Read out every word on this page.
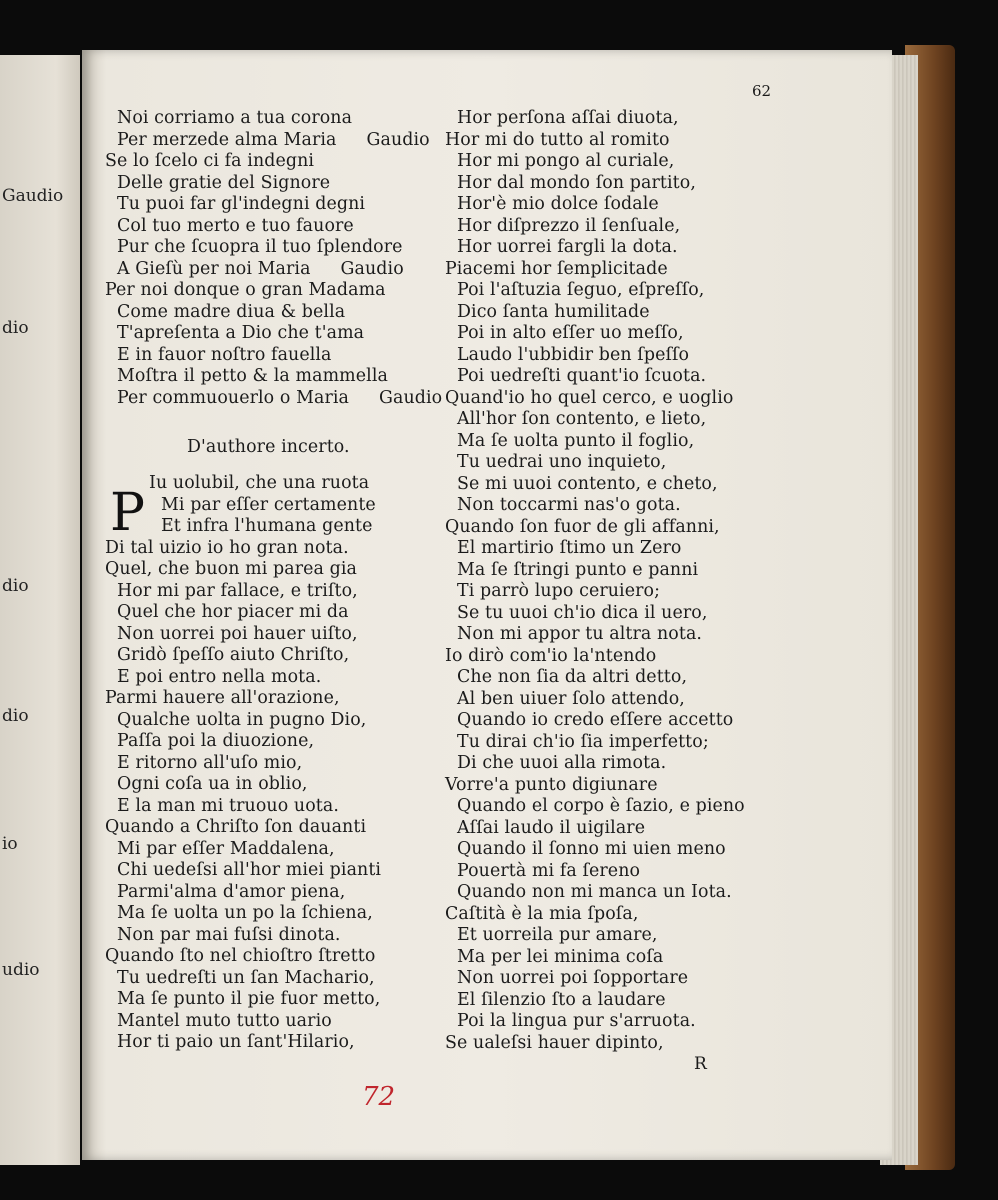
Gaudio
dio
dio
dio
io
udio
62
Noi corriamo a tua corona
Per merzede alma Maria Gaudio
Se lo ſcelo ci fa indegni
Delle gratie del Signore
Tu puoi far gl'indegni degni
Col tuo merto e tuo fauore
Pur che ſcuopra il tuo ſplendore
A Gieſù per noi Maria Gaudio
Per noi donque o gran Madama
Come madre diua & bella
T'apreſenta a Dio che t'ama
E in fauor noſtro fauella
Moſtra il petto & la mammella
Per commuouerlo o Maria Gaudio
D'authore incerto.
Iu uolubil, che una ruota
Mi par eſſer certamente
Et infra l'humana gente
Di tal uizio io ho gran nota.
Quel, che buon mi parea gia
Hor mi par fallace, e triſto,
Quel che hor piacer mi da
Non uorrei poi hauer uiſto,
Gridò ſpeſſo aiuto Chriſto,
E poi entro nella mota.
Parmi hauere all'orazione,
Qualche uolta in pugno Dio,
Paſſa poi la diuozione,
E ritorno all'uſo mio,
Ogni coſa ua in oblio,
E la man mi truouo uota.
Quando a Chriſto ſon dauanti
Mi par eſſer Maddalena,
Chi uedeſsi all'hor miei pianti
Parmi'alma d'amor piena,
Ma ſe uolta un po la ſchiena,
Non par mai fuſsi dinota.
Quando ſto nel chioſtro ſtretto
Tu uedreſti un ſan Machario,
Ma ſe punto il pie fuor metto,
Mantel muto tutto uario
Hor ti paio un ſant'Hilario,
P
Hor perſona aſſai diuota,
Hor mi do tutto al romito
Hor mi pongo al curiale,
Hor dal mondo ſon partito,
Hor'è mio dolce ſodale
Hor diſprezzo il ſenſuale,
Hor uorrei fargli la dota.
Piacemi hor ſemplicitade
Poi l'aſtuzia ſeguo, eſpreſſo,
Dico ſanta humilitade
Poi in alto eſſer uo meſſo,
Laudo l'ubbidir ben ſpeſſo
Poi uedreſti quant'io ſcuota.
Quand'io ho quel cerco, e uoglio
All'hor ſon contento, e lieto,
Ma ſe uolta punto il foglio,
Tu uedrai uno inquieto,
Se mi uuoi contento, e cheto,
Non toccarmi nas'o gota.
Quando ſon fuor de gli affanni,
El martirio ſtimo un Zero
Ma ſe ſtringi punto e panni
Ti parrò lupo ceruiero;
Se tu uuoi ch'io dica il uero,
Non mi appor tu altra nota.
Io dirò com'io la'ntendo
Che non ſia da altri detto,
Al ben uiuer ſolo attendo,
Quando io credo eſſere accetto
Tu dirai ch'io ſia imperfetto;
Di che uuoi alla rimota.
Vorre'a punto digiunare
Quando el corpo è ſazio, e pieno
Aſſai laudo il uigilare
Quando il ſonno mi uien meno
Pouertà mi fa ſereno
Quando non mi manca un Iota.
Caſtità è la mia ſpoſa,
Et uorreila pur amare,
Ma per lei minima coſa
Non uorrei poi ſopportare
El ſilenzio ſto a laudare
Poi la lingua pur s'arruota.
Se ualeſsi hauer dipinto,
R
72
